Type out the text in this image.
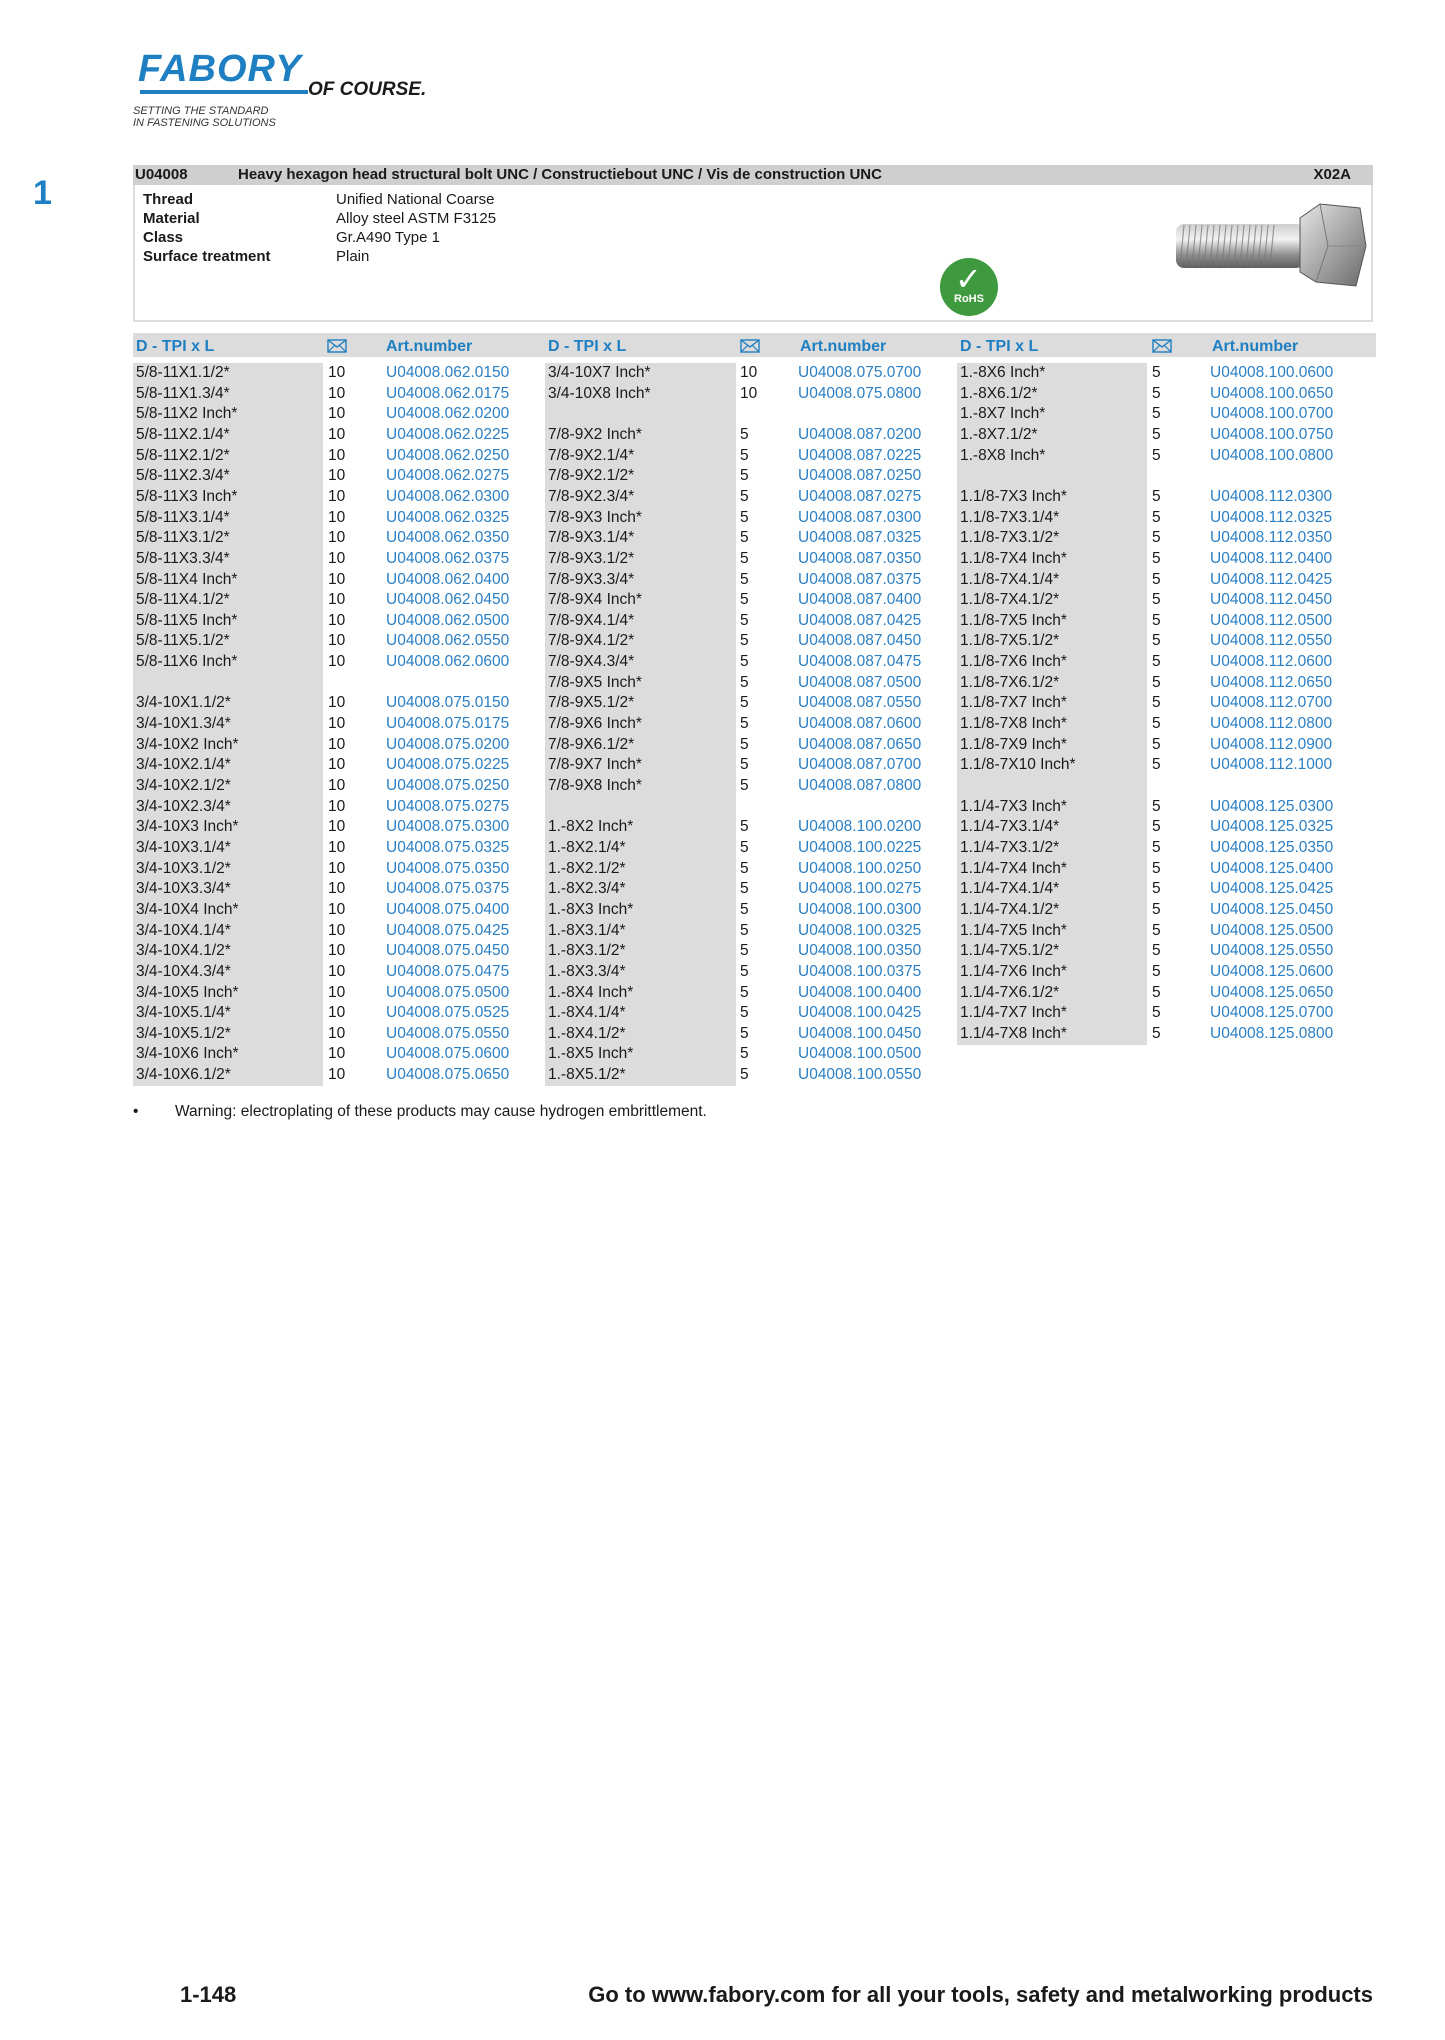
FABORY OF COURSE.
SETTING THE STANDARD
IN FASTENING SOLUTIONS
1	U04008	Heavy hexagon head structural bolt UNC / Constructiebout UNC / Vis de construction UNC	X02A
Thread	Unified National Coarse
Material	Alloy steel ASTM F3125
Class	Gr.A490 Type 1
Surface treatment	Plain
✓
RoHS
D - TPI x L	Art.number	D - TPI x L	Art.number	D - TPI x L	Art.number
5/8-11X1.1/2*	10	U04008.062.0150
5/8-11X1.3/4*	10	U04008.062.0175
5/8-11X2 Inch*	10	U04008.062.0200
5/8-11X2.1/4*	10	U04008.062.0225
5/8-11X2.1/2*	10	U04008.062.0250
5/8-11X2.3/4*	10	U04008.062.0275
5/8-11X3 Inch*	10	U04008.062.0300
5/8-11X3.1/4*	10	U04008.062.0325
5/8-11X3.1/2*	10	U04008.062.0350
5/8-11X3.3/4*	10	U04008.062.0375
5/8-11X4 Inch*	10	U04008.062.0400
5/8-11X4.1/2*	10	U04008.062.0450
5/8-11X5 Inch*	10	U04008.062.0500
5/8-11X5.1/2*	10	U04008.062.0550
5/8-11X6 Inch*	10	U04008.062.0600
3/4-10X1.1/2*	10	U04008.075.0150
3/4-10X1.3/4*	10	U04008.075.0175
3/4-10X2 Inch*	10	U04008.075.0200
3/4-10X2.1/4*	10	U04008.075.0225
3/4-10X2.1/2*	10	U04008.075.0250
3/4-10X2.3/4*	10	U04008.075.0275
3/4-10X3 Inch*	10	U04008.075.0300
3/4-10X3.1/4*	10	U04008.075.0325
3/4-10X3.1/2*	10	U04008.075.0350
3/4-10X3.3/4*	10	U04008.075.0375
3/4-10X4 Inch*	10	U04008.075.0400
3/4-10X4.1/4*	10	U04008.075.0425
3/4-10X4.1/2*	10	U04008.075.0450
3/4-10X4.3/4*	10	U04008.075.0475
3/4-10X5 Inch*	10	U04008.075.0500
3/4-10X5.1/4*	10	U04008.075.0525
3/4-10X5.1/2*	10	U04008.075.0550
3/4-10X6 Inch*	10	U04008.075.0600
3/4-10X6.1/2*	10	U04008.075.0650
3/4-10X7 Inch*	10	U04008.075.0700
3/4-10X8 Inch*	10	U04008.075.0800
7/8-9X2 Inch*	5	U04008.087.0200
7/8-9X2.1/4*	5	U04008.087.0225
7/8-9X2.1/2*	5	U04008.087.0250
7/8-9X2.3/4*	5	U04008.087.0275
7/8-9X3 Inch*	5	U04008.087.0300
7/8-9X3.1/4*	5	U04008.087.0325
7/8-9X3.1/2*	5	U04008.087.0350
7/8-9X3.3/4*	5	U04008.087.0375
7/8-9X4 Inch*	5	U04008.087.0400
7/8-9X4.1/4*	5	U04008.087.0425
7/8-9X4.1/2*	5	U04008.087.0450
7/8-9X4.3/4*	5	U04008.087.0475
7/8-9X5 Inch*	5	U04008.087.0500
7/8-9X5.1/2*	5	U04008.087.0550
7/8-9X6 Inch*	5	U04008.087.0600
7/8-9X6.1/2*	5	U04008.087.0650
7/8-9X7 Inch*	5	U04008.087.0700
7/8-9X8 Inch*	5	U04008.087.0800
1.-8X2 Inch*	5	U04008.100.0200
1.-8X2.1/4*	5	U04008.100.0225
1.-8X2.1/2*	5	U04008.100.0250
1.-8X2.3/4*	5	U04008.100.0275
1.-8X3 Inch*	5	U04008.100.0300
1.-8X3.1/4*	5	U04008.100.0325
1.-8X3.1/2*	5	U04008.100.0350
1.-8X3.3/4*	5	U04008.100.0375
1.-8X4 Inch*	5	U04008.100.0400
1.-8X4.1/4*	5	U04008.100.0425
1.-8X4.1/2*	5	U04008.100.0450
1.-8X5 Inch*	5	U04008.100.0500
1.-8X5.1/2*	5	U04008.100.0550
1.-8X6 Inch*	5	U04008.100.0600
1.-8X6.1/2*	5	U04008.100.0650
1.-8X7 Inch*	5	U04008.100.0700
1.-8X7.1/2*	5	U04008.100.0750
1.-8X8 Inch*	5	U04008.100.0800
1.1/8-7X3 Inch*	5	U04008.112.0300
1.1/8-7X3.1/4*	5	U04008.112.0325
1.1/8-7X3.1/2*	5	U04008.112.0350
1.1/8-7X4 Inch*	5	U04008.112.0400
1.1/8-7X4.1/4*	5	U04008.112.0425
1.1/8-7X4.1/2*	5	U04008.112.0450
1.1/8-7X5 Inch*	5	U04008.112.0500
1.1/8-7X5.1/2*	5	U04008.112.0550
1.1/8-7X6 Inch*	5	U04008.112.0600
1.1/8-7X6.1/2*	5	U04008.112.0650
1.1/8-7X7 Inch*	5	U04008.112.0700
1.1/8-7X8 Inch*	5	U04008.112.0800
1.1/8-7X9 Inch*	5	U04008.112.0900
1.1/8-7X10 Inch*	5	U04008.112.1000
1.1/4-7X3 Inch*	5	U04008.125.0300
1.1/4-7X3.1/4*	5	U04008.125.0325
1.1/4-7X3.1/2*	5	U04008.125.0350
1.1/4-7X4 Inch*	5	U04008.125.0400
1.1/4-7X4.1/4*	5	U04008.125.0425
1.1/4-7X4.1/2*	5	U04008.125.0450
1.1/4-7X5 Inch*	5	U04008.125.0500
1.1/4-7X5.1/2*	5	U04008.125.0550
1.1/4-7X6 Inch*	5	U04008.125.0600
1.1/4-7X6.1/2*	5	U04008.125.0650
1.1/4-7X7 Inch*	5	U04008.125.0700
1.1/4-7X8 Inch*	5	U04008.125.0800
• Warning: electroplating of these products may cause hydrogen embrittlement.
1-148	Go to www.fabory.com for all your tools, safety and metalworking products
